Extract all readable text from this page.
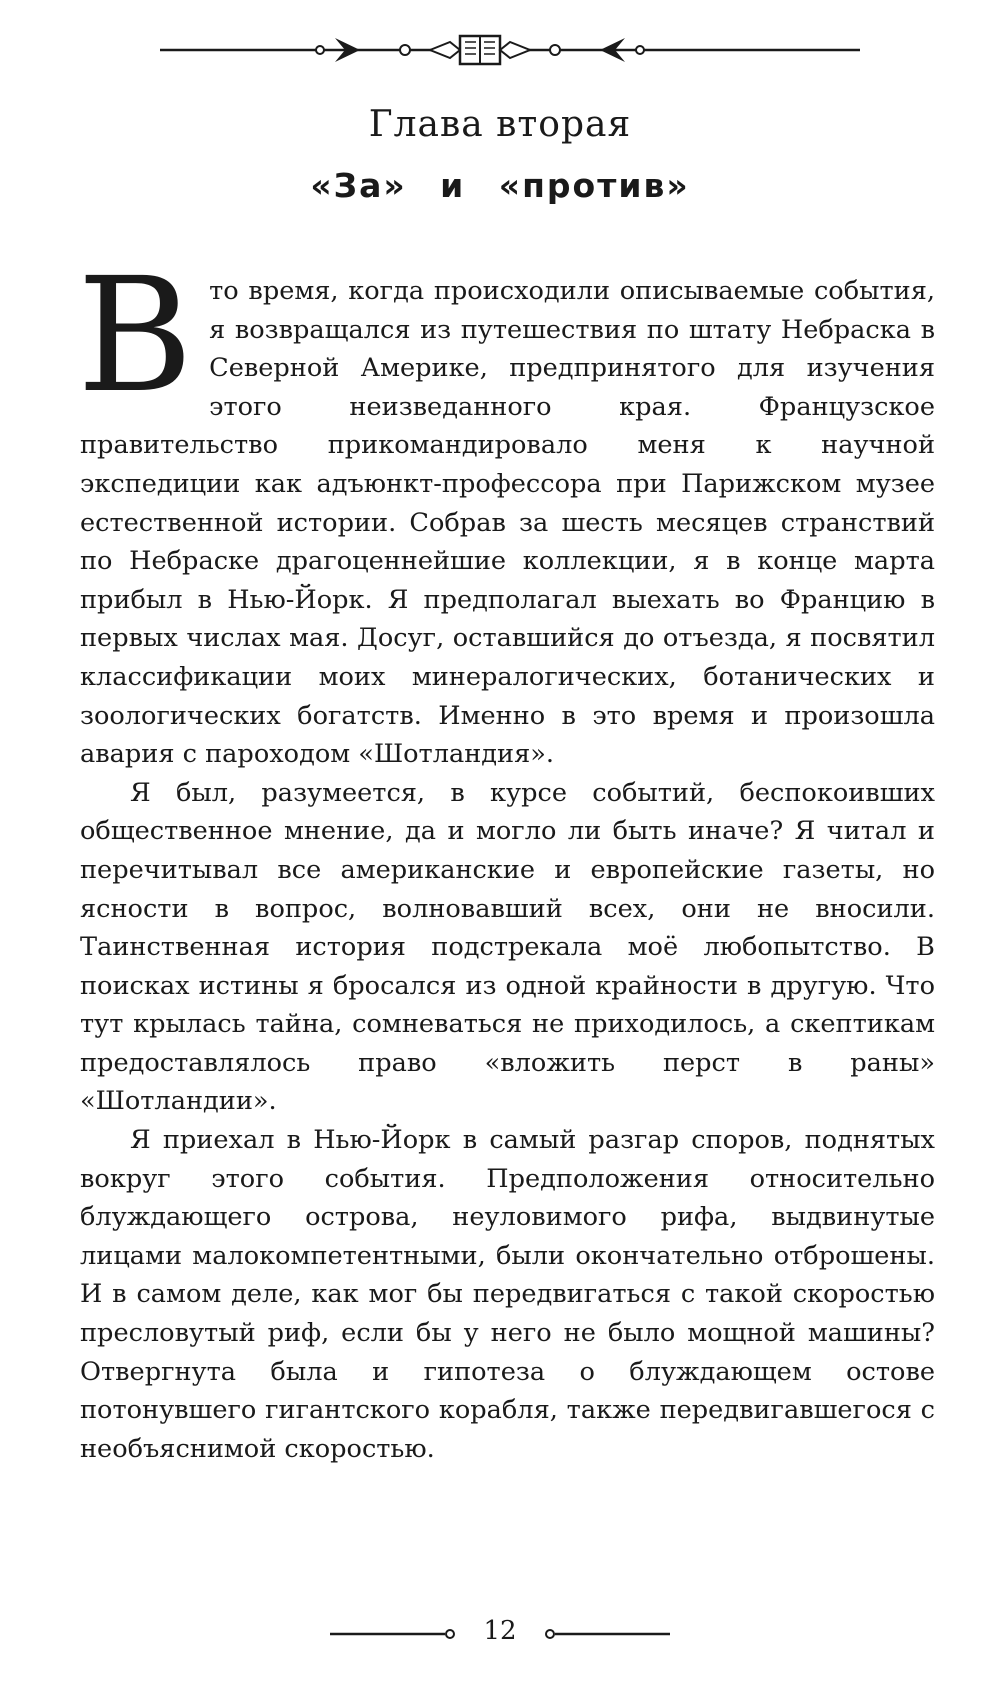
Глава вторая
«За» и «против»

В то время, когда происходили описываемые события, я возвращался из путешествия по штату Небраска в Северной Америке, предпринятого для изучения этого неизведанного края. Французское правительство прикомандировало меня к научной экспедиции как адъюнкт-профессора при Парижском музее естественной истории. Собрав за шесть месяцев странствий по Небраске драгоценнейшие коллекции, я в конце марта прибыл в Нью-Йорк. Я предполагал выехать во Францию в первых числах мая. Досуг, оставшийся до отъезда, я посвятил классификации моих минералогических, ботанических и зоологических богатств. Именно в это время и произошла авария с пароходом «Шотландия».

Я был, разумеется, в курсе событий, беспокоивших общественное мнение, да и могло ли быть иначе? Я читал и перечитывал все американские и европейские газеты, но ясности в вопрос, волновавший всех, они не вносили. Таинственная история подстрекала моё любопытство. В поисках истины я бросался из одной крайности в другую. Что тут крылась тайна, сомневаться не приходилось, а скептикам предоставлялось право «вложить перст в раны» «Шотландии».

Я приехал в Нью-Йорк в самый разгар споров, поднятых вокруг этого события. Предположения относительно блуждающего острова, неуловимого рифа, выдвинутые лицами малокомпетентными, были окончательно отброшены. И в самом деле, как мог бы передвигаться с такой скоростью пресловутый риф, если бы у него не было мощной машины? Отвергнута была и гипотеза о блуждающем остове потонувшего гигантского корабля, также передвигавшегося с необъяснимой скоростью.

12
